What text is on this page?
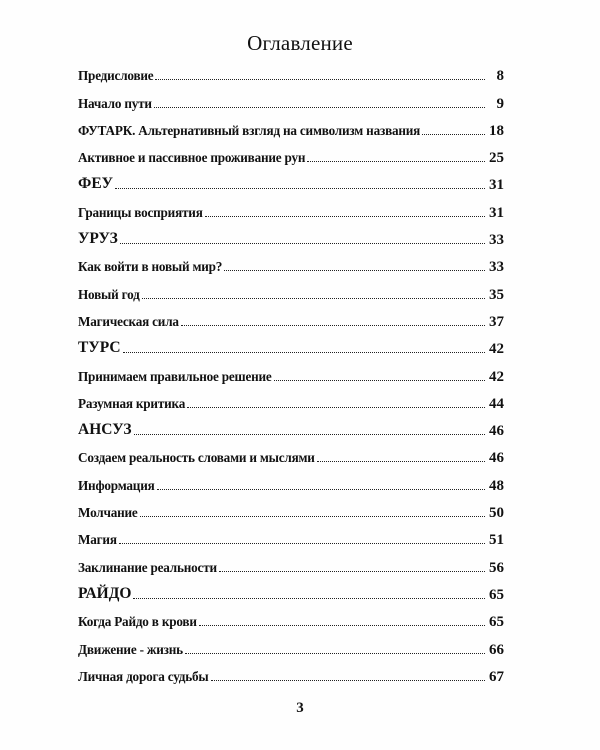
Оглавление
Предисловие	8
Начало пути	9
ФУТАРК. Альтернативный взгляд на символизм названия	18
Активное и пассивное проживание рун	25
ФЕУ	31
Границы восприятия	31
УРУЗ	33
Как войти в новый мир?	33
Новый год	35
Магическая сила	37
ТУРС	42
Принимаем правильное решение	42
Разумная критика	44
АНСУЗ	46
Создаем реальность словами и мыслями	46
Информация	48
Молчание	50
Магия	51
Заклинание реальности	56
РАЙДО	65
Когда Райдо в крови	65
Движение - жизнь	66
Личная дорога судьбы	67
3
